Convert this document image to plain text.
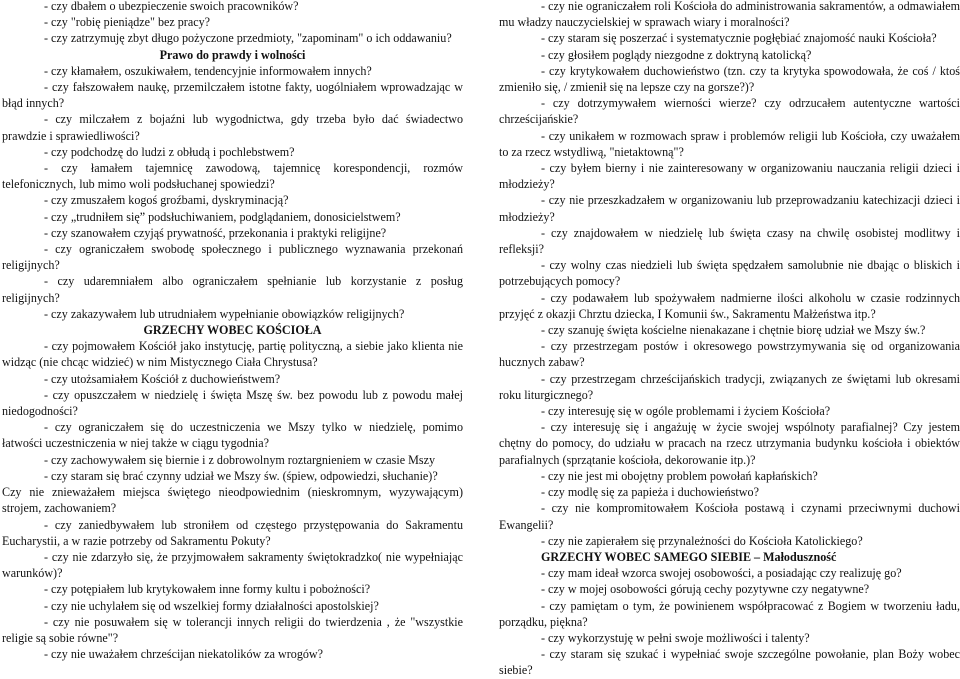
- czy dbałem o ubezpieczenie swoich pracowników?

- czy "robię pieniądze" bez pracy?

- czy zatrzymuję zbyt długo pożyczone przedmioty, "zapominam" o ich oddawaniu?

Prawo do prawdy i wolności

- czy kłamałem, oszukiwałem, tendencyjnie informowałem innych?

- czy fałszowałem naukę, przemilczałem istotne fakty, uogólniałem wprowadzając w błąd innych?

- czy milczałem z bojaźni lub wygodnictwa, gdy trzeba było dać świadectwo prawdzie i sprawiedliwości?

- czy podchodzę do ludzi z obłudą i pochlebstwem?

- czy łamałem tajemnicę zawodową, tajemnicę korespondencji, rozmów telefonicznych, lub mimo woli podsłuchanej spowiedzi?

- czy zmuszałem kogoś groźbami, dyskryminacją?

- czy „trudniłem się” podsłuchiwaniem, podglądaniem, donosicielstwem?

- czy szanowałem czyjąś prywatność, przekonania i praktyki religijne?

- czy ograniczałem swobodę społecznego i publicznego wyznawania przekonań religijnych?

- czy udaremniałem albo ograniczałem spełnianie lub korzystanie z posług religijnych?

- czy zakazywałem lub utrudniałem wypełnianie obowiązków religijnych?

GRZECHY WOBEC KOŚCIOŁA

- czy pojmowałem Kościół jako instytucję, partię polityczną, a siebie jako klienta nie widząc (nie chcąc widzieć) w nim Mistycznego Ciała Chrystusa?

- czy utożsamiałem Kościół z duchowieństwem?

- czy opuszczałem w niedzielę i święta Mszę św. bez powodu lub z powodu małej niedogodności?

- czy ograniczałem się do uczestniczenia we Mszy tylko w niedzielę, pomimo łatwości uczestniczenia w niej także w ciągu tygodnia?

- czy zachowywałem się biernie i z dobrowolnym roztargnieniem w czasie Mszy

- czy staram się brać czynny udział we Mszy św. (śpiew, odpowiedzi, słuchanie)?

Czy nie znieważałem miejsca świętego nieodpowiednim (nieskromnym, wyzywającym) strojem, zachowaniem?

- czy zaniedbywałem lub stroniłem od częstego przystępowania do Sakramentu Eucharystii, a w razie potrzeby od Sakramentu Pokuty?

- czy nie zdarzyło się, że przyjmowałem sakramenty świętokradzko( nie wypełniając warunków)?

- czy potępiałem lub krytykowałem inne formy kultu i pobożności?

- czy nie uchylałem się od wszelkiej formy działalności apostolskiej?

- czy nie posuwałem się w tolerancji innych religii do twierdzenia , że "wszystkie religie są sobie równe"?

- czy nie uważałem chrześcijan niekatolików za wrogów?

- czy nie ograniczałem roli Kościoła do administrowania sakramentów, a odmawiałem mu władzy nauczycielskiej w sprawach wiary i moralności?

- czy staram się poszerzać i systematycznie pogłębiać znajomość nauki Kościoła?

- czy głosiłem poglądy niezgodne z doktryną katolicką?

- czy krytykowałem duchowieństwo (tzn. czy ta krytyka spowodowała, że coś / ktoś zmieniło się, / zmienił się na lepsze czy na gorsze?)?

- czy dotrzymywałem wierności wierze? czy odrzucałem autentyczne wartości chrześcijańskie?

- czy unikałem w rozmowach spraw i problemów religii lub Kościoła, czy uważałem to za rzecz wstydliwą, "nietaktowną"?

- czy byłem bierny i nie zainteresowany w organizowaniu nauczania religii dzieci i młodzieży?

- czy nie przeszkadzałem w organizowaniu lub przeprowadzaniu katechizacji dzieci i młodzieży?

- czy znajdowałem w niedzielę lub święta czasy na chwilę osobistej modlitwy i refleksji?

- czy wolny czas niedzieli lub święta spędzałem samolubnie nie dbając o bliskich i potrzebujących pomocy?

- czy podawałem lub spożywałem nadmierne ilości alkoholu w czasie rodzinnych przyjęć z okazji Chrztu dziecka, I Komunii św., Sakramentu Małżeństwa itp.?

- czy szanuję święta kościelne nienakazane i chętnie biorę udział we Mszy św.?

- czy przestrzegam postów i okresowego powstrzymywania się od organizowania hucznych zabaw?

- czy przestrzegam chrześcijańskich tradycji, związanych ze świętami lub okresami roku liturgicznego?

- czy interesuję się w ogóle problemami i życiem Kościoła?

- czy interesuję się i angażuję w życie swojej wspólnoty parafialnej? Czy jestem chętny do pomocy, do udziału w pracach na rzecz utrzymania budynku kościoła i obiektów parafialnych (sprzątanie kościoła, dekorowanie itp.)?

- czy nie jest mi obojętny problem powołań kapłańskich?

- czy modlę się za papieża i duchowieństwo?

- czy nie kompromitowałem Kościoła postawą i czynami przeciwnymi duchowi Ewangelii?

- czy nie zapierałem się przynależności do Kościoła Katolickiego?

GRZECHY WOBEC SAMEGO SIEBIE – Małoduszność

- czy mam ideał wzorca swojej osobowości, a posiadając czy realizuję go?

- czy w mojej osobowości górują cechy pozytywne czy negatywne?

- czy pamiętam o tym, że powinienem współpracować z Bogiem w tworzeniu ładu, porządku, piękna?

- czy wykorzystuję w pełni swoje możliwości i talenty?

- czy staram się szukać i wypełniać swoje szczególne powołanie, plan Boży wobec siebie?
